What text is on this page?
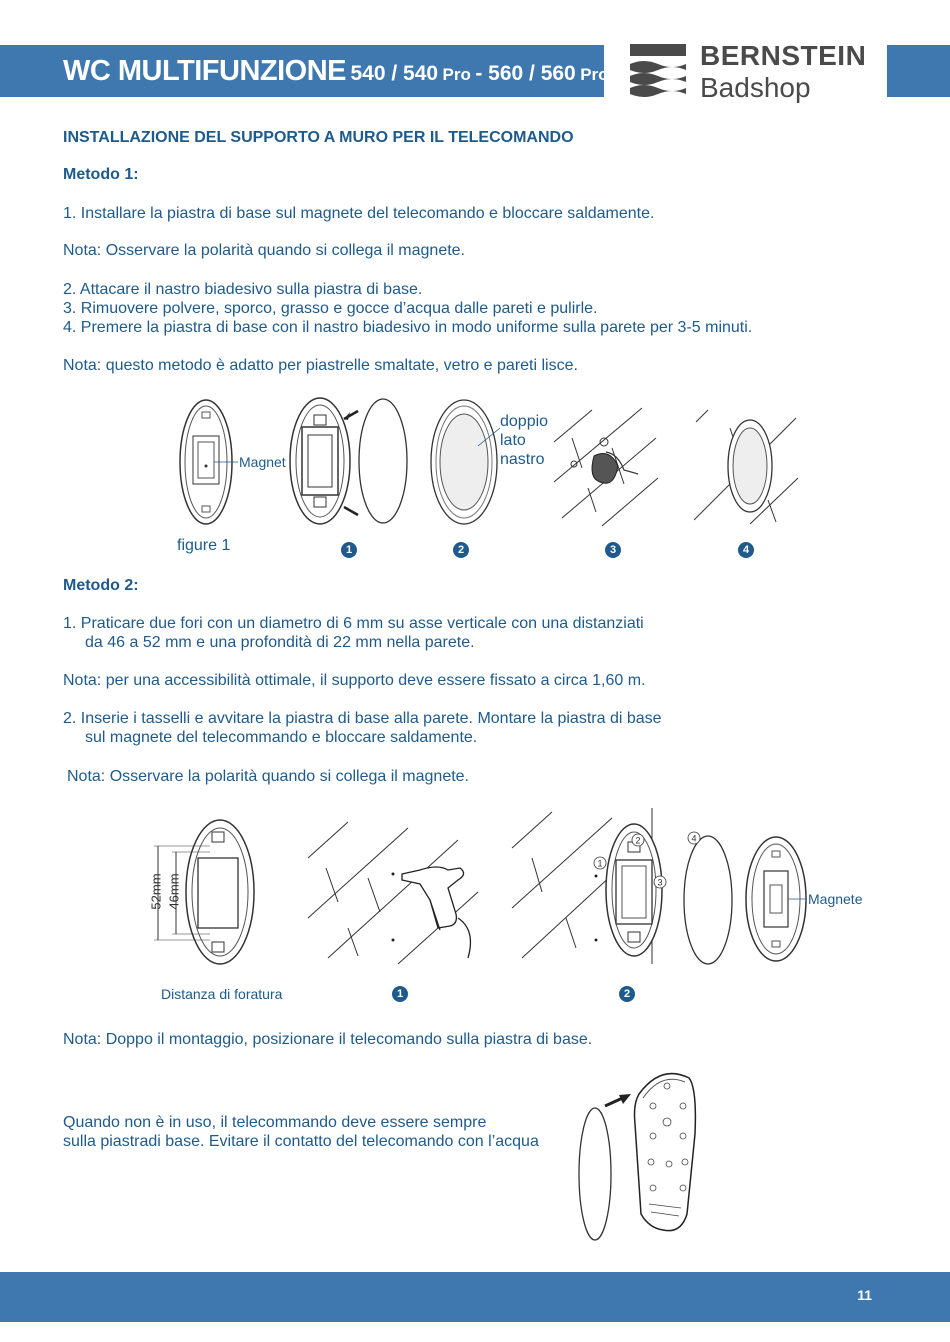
WC MULTIFUNZIONE 540 / 540 Pro - 560 / 560 Pro
BERNSTEIN
Badshop
INSTALLAZIONE DEL SUPPORTO A MURO PER IL TELECOMANDO
Metodo 1:
1. Installare la piastra di base sul magnete del telecomando e bloccare saldamente.
Nota: Osservare la polarità quando si collega il magnete.
2. Attacare il nastro biadesivo sulla piastra di base.
3. Rimuovere polvere, sporco, grasso e gocce d’acqua dalle pareti e pulirle.
4. Premere la piastra di base con il nastro biadesivo in modo uniforme sulla parete per 3-5 minuti.
Nota: questo metodo è adatto per piastrelle smaltate, vetro e pareti lisce.
Magnet
doppio
lato
nastro
figure 1	1	2	3	4
Metodo 2:
1. Praticare due fori con un diametro di 6 mm su asse verticale con una distanziati
da 46 a 52 mm e una profondità di 22 mm nella parete.
Nota: per una accessibilità ottimale, il supporto deve essere fissato a circa 1,60 m.
2. Inserie i tasselli e avvitare la piastra di base alla parete. Montare la piastra di base
sul magnete del telecommando e bloccare saldamente.
Nota: Osservare la polarità quando si collega il magnete.
52mm 46mm
2
1
3
4
Magnete
Distanza di foratura	1	2
Nota: Doppo il montaggio, posizionare il telecomando sulla piastra di base.
Quando non è in uso, il telecommando deve essere sempre
sulla piastradi base. Evitare il contatto del telecomando con l’acqua
11
